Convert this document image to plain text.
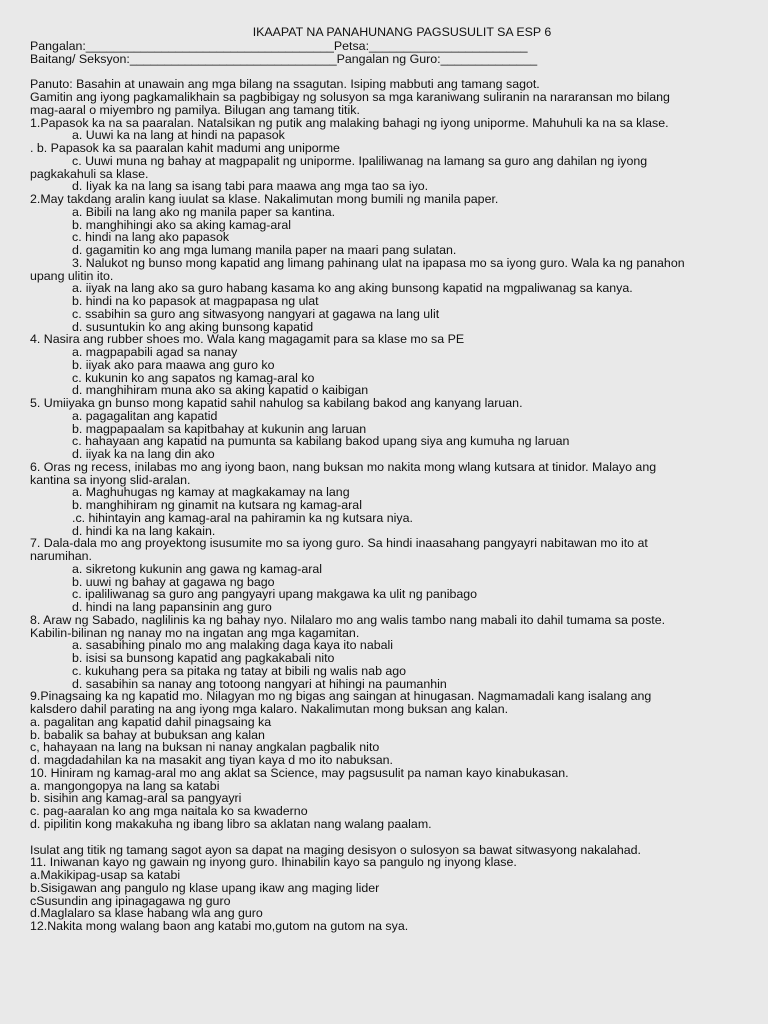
IKAAPAT NA PANAHUNANG PAGSUSULIT SA ESP 6
Pangalan:____________________________________Petsa:_______________________
Baitang/ Seksyon:______________________________Pangalan ng Guro:______________
Panuto: Basahin at unawain ang mga bilang na ssagutan. Isiping mabbuti ang tamang sagot.
Gamitin ang iyong pagkamalikhain sa pagbibigay ng solusyon sa mga karaniwang suliranin na nararansan mo bilang
mag-aaral o miyembro ng pamilya. Bilugan ang tamang titik.
1.Papasok ka na sa paaralan. Natalsikan ng putik ang malaking bahagi ng iyong uniporme. Mahuhuli ka na sa klase.
a. Uuwi ka na lang at hindi na papasok
. b. Papasok ka sa paaralan kahit madumi ang uniporme
c. Uuwi muna ng bahay at magpapalit ng uniporme. Ipaliliwanag na lamang sa guro ang dahilan ng iyong
pagkakahuli sa klase.
d. Iiyak ka na lang sa isang tabi para maawa ang mga tao sa iyo.
2.May takdang aralin kang iuulat sa klase. Nakalimutan mong bumili ng manila paper.
a. Bibili na lang ako ng manila paper sa kantina.
b. manghihingi ako sa aking kamag-aral
c. hindi na lang ako papasok
d. gagamitin ko ang mga lumang manila paper na maari pang sulatan.
3. Nalukot ng bunso mong kapatid ang limang pahinang ulat na ipapasa mo sa iyong guro. Wala ka ng panahon
upang ulitin ito.
a. iiyak na lang ako sa guro habang kasama ko ang aking bunsong kapatid na mgpaliwanag sa kanya.
b. hindi na ko papasok at magpapasa ng ulat
c. ssabihin sa guro ang sitwasyong nangyari at gagawa na lang ulit
d. susuntukin ko ang aking bunsong kapatid
4. Nasira ang rubber shoes mo. Wala kang magagamit para sa klase mo sa PE
a. magpapabili agad sa nanay
b. iiyak ako para maawa ang guro ko
c. kukunin ko ang sapatos ng kamag-aral ko
d. manghihiram muna ako sa aking kapatid o kaibigan
5. Umiiyaka gn bunso mong kapatid sahil nahulog sa kabilang bakod ang kanyang laruan.
a. pagagalitan ang kapatid
b. magpapaalam sa kapitbahay at kukunin ang laruan
c. hahayaan ang kapatid na pumunta sa kabilang bakod upang siya ang kumuha ng laruan
d. iiyak ka na lang din ako
6. Oras ng recess, inilabas mo ang iyong baon, nang buksan mo nakita mong wlang kutsara at tinidor. Malayo ang
kantina sa inyong slid-aralan.
a. Maghuhugas ng kamay at magkakamay na lang
b. manghihiram ng ginamit na kutsara ng kamag-aral
.c. hihintayin ang kamag-aral na pahiramin ka ng kutsara niya.
d. hindi ka na lang kakain.
7. Dala-dala mo ang proyektong isusumite mo sa iyong guro. Sa hindi inaasahang pangyayri nabitawan mo ito at
narumihan.
a. sikretong kukunin ang gawa ng kamag-aral
b. uuwi ng bahay at gagawa ng bago
c. ipaliliwanag sa guro ang pangyayri upang makgawa ka ulit ng panibago
d. hindi na lang papansinin ang guro
8. Araw ng Sabado, naglilinis ka ng bahay nyo. Nilalaro mo ang walis tambo nang mabali ito dahil tumama sa poste.
Kabilin-bilinan ng nanay mo na ingatan ang mga kagamitan.
a. sasabihing pinalo mo ang malaking daga kaya ito nabali
b. isisi sa bunsong kapatid ang pagkakabali nito
c. kukuhang pera sa pitaka ng tatay at bibili ng walis nab ago
d. sasabihin sa nanay ang totoong nangyari at hihingi na paumanhin
9.Pinagsaing ka ng kapatid mo. Nilagyan mo ng bigas ang saingan at hinugasan. Nagmamadali kang isalang ang
kalsdero dahil parating na ang iyong mga kalaro. Nakalimutan mong buksan ang kalan.
a. pagalitan ang kapatid dahil pinagsaing ka
b. babalik sa bahay at bubuksan ang kalan
c, hahayaan na lang na buksan ni nanay angkalan pagbalik nito
d. magdadahilan ka na masakit ang tiyan kaya d mo ito nabuksan.
10. Hiniram ng kamag-aral mo ang aklat sa Science, may pagsusulit pa naman kayo kinabukasan.
a. mangongopya na lang sa katabi
b. sisihin ang kamag-aral sa pangyayri
c. pag-aaralan ko ang mga naitala ko sa kwaderno
d. pipilitin kong makakuha ng ibang libro sa aklatan nang walang paalam.
Isulat ang titik ng tamang sagot ayon sa dapat na maging desisyon o sulosyon sa bawat sitwasyong nakalahad.
11. Iniwanan kayo ng gawain ng inyong guro. Ihinabilin kayo sa pangulo ng inyong klase.
a.Makikipag-usap sa katabi
b.Sisigawan ang pangulo ng klase upang ikaw ang maging lider
cSusundin ang ipinagagawa ng guro
d.Maglalaro sa klase habang wla ang guro
12.Nakita mong walang baon ang katabi mo,gutom na gutom na sya.
